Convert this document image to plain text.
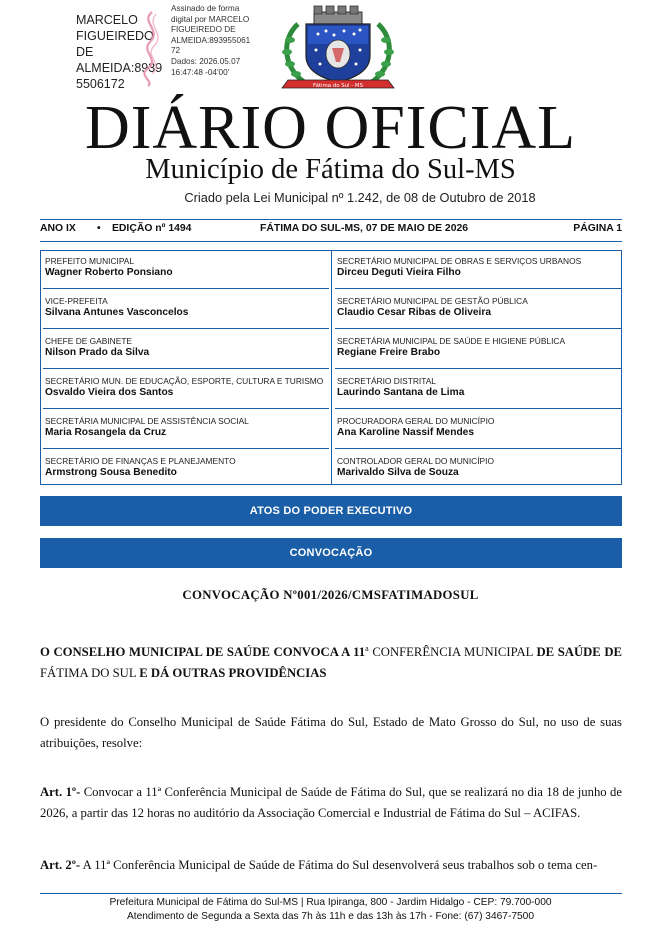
MARCELO
FIGUEIREDO DE
ALMEIDA:8939
5506172
Assinado de forma
digital por MARCELO
FIGUEIREDO DE
ALMEIDA:893955061
72
Dados: 2026.05.07
16:47:48 -04'00'
Fátima do Sul - MS
DIÁRIO OFICIAL
Município de Fátima do Sul-MS
Criado pela Lei Municipal nº 1.242, de 08 de Outubro de 2018
ANO IX • EDIÇÃO nº 1494	FÁTIMA DO SUL-MS, 07 DE MAIO DE 2026	PÁGINA 1
PREFEITO MUNICIPAL
Wagner Roberto Ponsiano
VICE-PREFEITA
Silvana Antunes Vasconcelos
CHEFE DE GABINETE
Nilson Prado da Silva
SECRETÁRIO MUN. DE EDUCAÇÃO, ESPORTE, CULTURA E TURISMO
Osvaldo Vieira dos Santos
SECRETÁRIA MUNICIPAL DE ASSISTÊNCIA SOCIAL
Maria Rosangela da Cruz
SECRETÁRIO DE FINANÇAS E PLANEJAMENTO
Armstrong Sousa Benedito
SECRETÁRIO MUNICIPAL DE OBRAS E SERVIÇOS URBANOS
Dirceu Deguti Vieira Filho
SECRETÁRIO MUNICIPAL DE GESTÃO PÚBLICA
Claudio Cesar Ribas de Oliveira
SECRETÁRIA MUNICIPAL DE SAÚDE E HIGIENE PÚBLICA
Regiane Freire Brabo
SECRETÁRIO DISTRITAL
Laurindo Santana de Lima
PROCURADORA GERAL DO MUNICÍPIO
Ana Karoline Nassif Mendes
CONTROLADOR GERAL DO MUNICÍPIO
Marivaldo Silva de Souza
ATOS DO PODER EXECUTIVO
CONVOCAÇÃO
CONVOCAÇÃO Nº001/2026/CMSFATIMADOSUL
O CONSELHO MUNICIPAL DE SAÚDE CONVOCA A 11$^a$ CONFERÊNCIA MUNICIPAL DE SAÚDE DE FÁTIMA DO SUL E DÁ OUTRAS PROVIDÊNCIAS
O presidente do Conselho Municipal de Saúde Fátima do Sul, Estado de Mato Grosso do Sul, no uso de suas atribuições, resolve:
Art. 1º- Convocar a 11ª Conferência Municipal de Saúde de Fátima do Sul, que se realizará no dia 18 de junho de 2026, a partir das 12 horas no auditório da Associação Comercial e Industrial de Fátima do Sul – ACIFAS.
Art. 2º- A 11ª Conferência Municipal de Saúde de Fátima do Sul desenvolverá seus trabalhos sob o tema cen-
Prefeitura Municipal de Fátima do Sul-MS | Rua Ipiranga, 800 - Jardim Hidalgo - CEP: 79.700-000
Atendimento de Segunda a Sexta das 7h às 11h e das 13h às 17h - Fone: (67) 3467-7500
